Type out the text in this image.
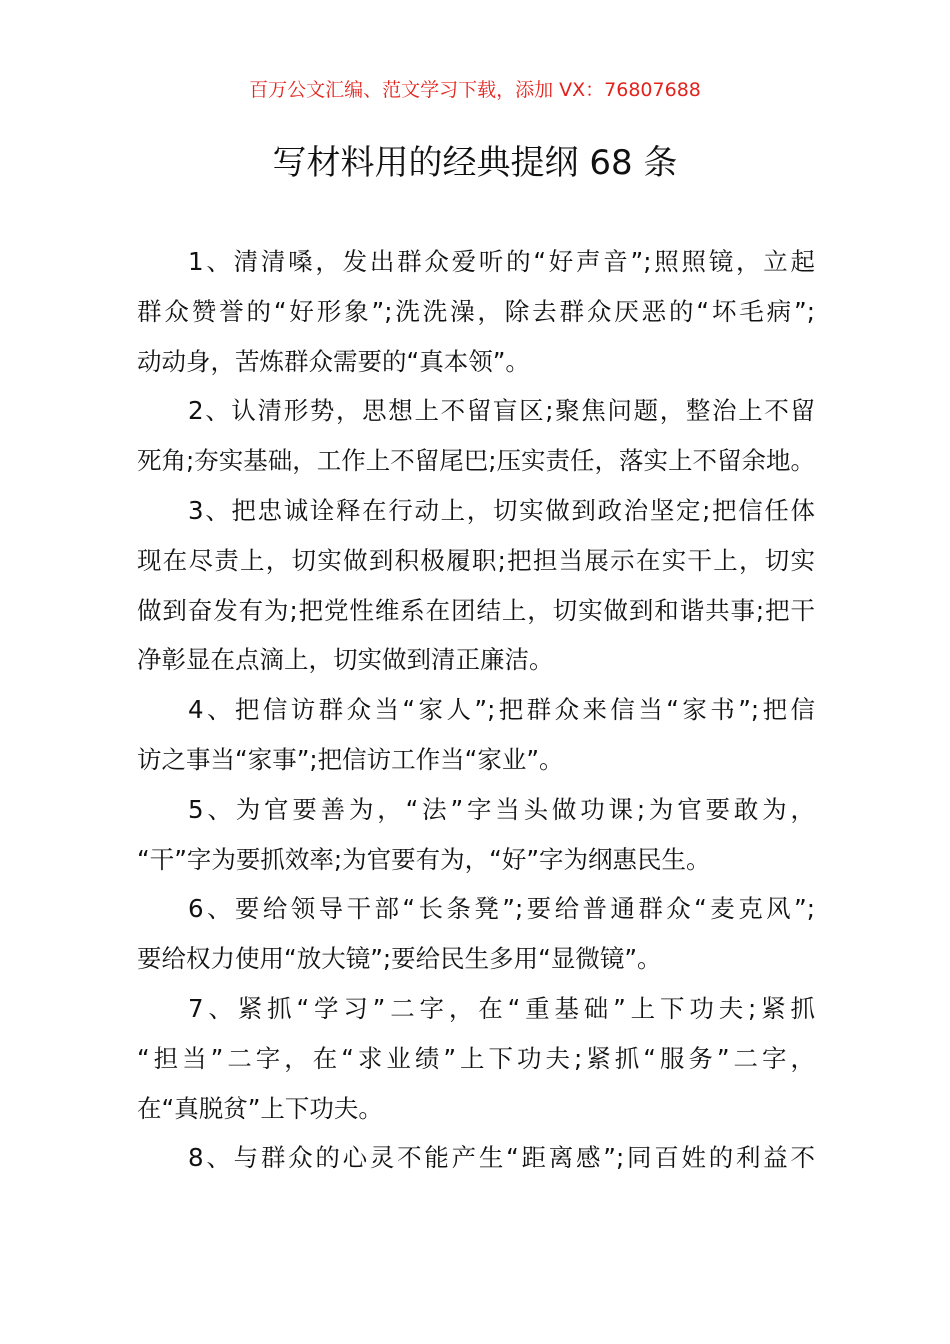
百万公文汇编、范文学习下载，添加 VX：76807688
写材料用的经典提纲 68 条
1、清清嗓，发出群众爱听的“好声音”;照照镜，立起
群众赞誉的“好形象”;洗洗澡，除去群众厌恶的“坏毛病”;
动动身，苦炼群众需要的“真本领”。
2、认清形势，思想上不留盲区;聚焦问题，整治上不留
死角;夯实基础，工作上不留尾巴;压实责任，落实上不留余地。
3、把忠诚诠释在行动上，切实做到政治坚定;把信任体
现在尽责上，切实做到积极履职;把担当展示在实干上，切实
做到奋发有为;把党性维系在团结上，切实做到和谐共事;把干
净彰显在点滴上，切实做到清正廉洁。
4、把信访群众当“家人”;把群众来信当“家书”;把信
访之事当“家事”;把信访工作当“家业”。
5、为官要善为，“法”字当头做功课;为官要敢为，
“干”字为要抓效率;为官要有为，“好”字为纲惠民生。
6、要给领导干部“长条凳”;要给普通群众“麦克风”;
要给权力使用“放大镜”;要给民生多用“显微镜”。
7、紧抓“学习”二字，在“重基础”上下功夫;紧抓
“担当”二字，在“求业绩”上下功夫;紧抓“服务”二字，
在“真脱贫”上下功夫。
8、与群众的心灵不能产生“距离感”;同百姓的利益不
